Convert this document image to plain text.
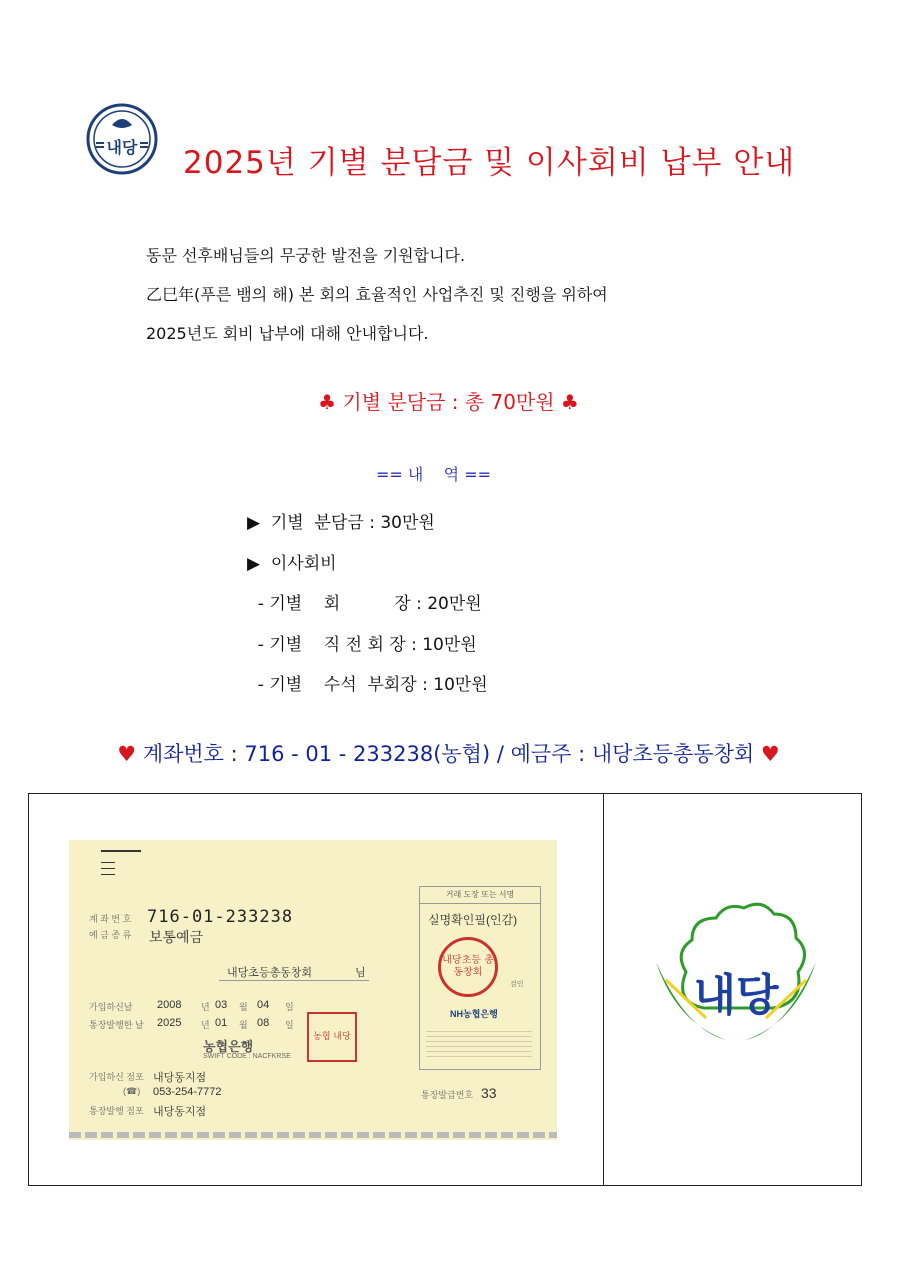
내당 2025년 기별 분담금 및 이사회비 납부 안내
동문 선후배님들의 무궁한 발전을 기원합니다.
乙巳年(푸른 뱀의 해) 본 회의 효율적인 사업추진 및 진행을 위하여
2025년도 회비 납부에 대해 안내합니다.
♣ 기별 분담금 : 총 70만원 ♣
== 내    역 ==
▶  기별  분담금 : 30만원
▶  이사회비
- 기별    회          장 : 20만원
- 기별    직 전 회 장 : 10만원
- 기별    수석  부회장 : 10만원
♥ 계좌번호 : 716 - 01 - 233238(농협) / 예금주 : 내당초등총동창회 ♥
계 좌 번 호 716-01-233238
예 금 종 류 보통예금
내당초등총동창회	님
가입하신날 2008 년 03 월 04 일
통장발행한 날 2025 년 01 월 08 일
농협은행
SWIFT CODE : NACFKRSE
농협 내당
가입하신 점포 내당동지점
(☎) 053-254-7772
통장발행 점포 내당동지점
거래 도장 또는 서명
실명확인필(인감)
내당초등 총동창회
검인
NH농협은행
통장발급번호 33
내당
